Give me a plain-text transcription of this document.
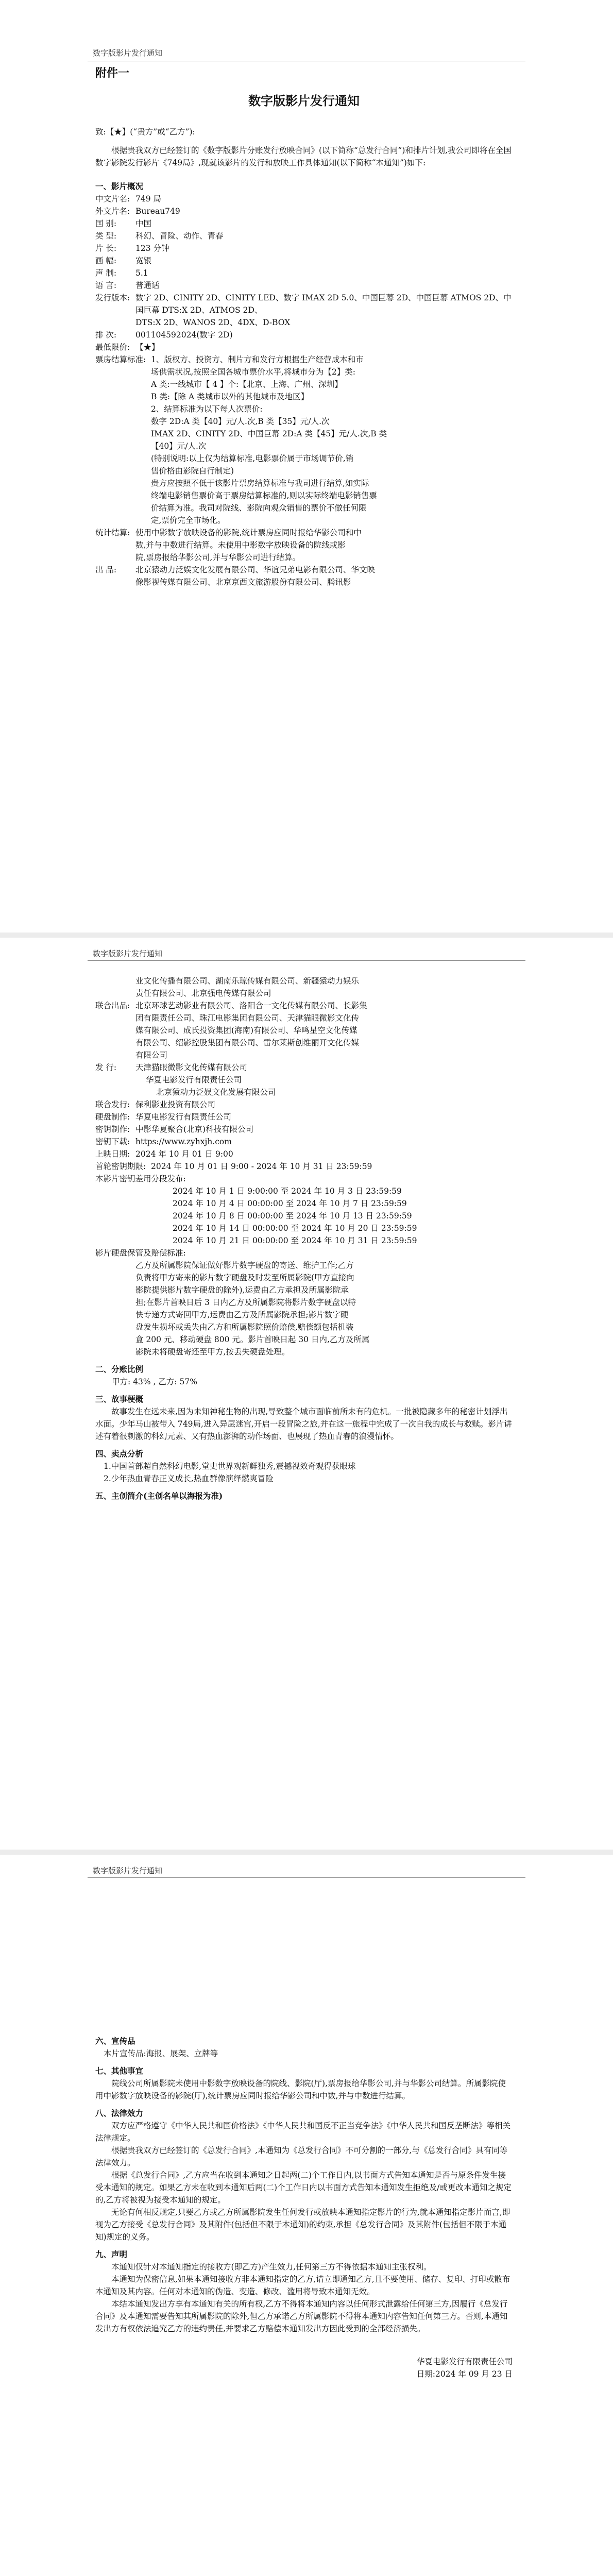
数字版影片发行通知
附件一
数字版影片发行通知

致:【★】(“贵方”或“乙方”):

根据贵我双方已经签订的《数字版影片分账发行放映合同》(以下简称“总发行合同”)和排片计划,我公司即将在全国数字影院发行影片《749局》,现就该影片的发行和放映工作具体通知(以下简称“本通知”)如下:

一、影片概况
中文片名: 749 局
外文片名: Bureau749
国 别:	中国
类 型:	科幻、冒险、动作、青春
片 长:	123 分钟
画 幅:	宽银
声 制:	5.1
语 言:	普通话
发行版本: 数字 2D、CINITY 2D、CINITY LED、数字 IMAX 2D 5.0、中国巨幕 2D、中国巨幕 ATMOS 2D、中国巨幕 DTS:X 2D、ATMOS 2D、
DTS:X 2D、WANOS 2D、4DX、D-BOX
排 次:	001104592024(数字 2D)
最低限价: 【★】
票房结算标准: 1、版权方、投资方、制片方和发行方根据生产经营成本和市
场供需状况,按照全国各城市票价水平,将城市分为【2】类:
A 类:一线城市【 4 】个:【北京、上海、广州、深圳】
B 类:【除 A 类城市以外的其他城市及地区】
2、结算标准为以下每人次票价:
数字 2D:A 类【40】元/人.次,B 类【35】元/人.次
IMAX 2D、CINITY 2D、中国巨幕 2D:A 类【45】元/人.次,B 类
【40】元/人.次
(特别说明:以上仅为结算标准,电影票价属于市场调节价,销
售价格由影院自行制定)
贵方应按照不低于该影片票房结算标准与我司进行结算,如实际
终端电影销售票价高于票房结算标准的,则以实际终端电影销售票
价结算为准。我司对院线、影院向观众销售的票价不做任何限
定,票价完全市场化。
统计结算: 使用中影数字放映设备的影院,统计票房应同时报给华影公司和中
数,并与中数进行结算。未使用中影数字放映设备的院线或影
院,票房报给华影公司,并与华影公司进行结算。
出 品:	北京猿动力泛娱文化发展有限公司、华谊兄弟电影有限公司、华文映
像影视传媒有限公司、北京京西文旅游股份有限公司、腾讯影
数字版影片发行通知
业文化传播有限公司、湖南乐琼传媒有限公司、新疆猿动力娱乐
责任有限公司、北京强电传媒有限公司
联合出品: 北京环球艺动影业有限公司、洛阳合一文化传媒有限公司、长影集
团有限责任公司、珠江电影集团有限公司、天津猫眼微影文化传
媒有限公司、成氏投资集团(海南)有限公司、华鸣星空文化传媒
有限公司、绍影控股集团有限公司、雷尔莱斯创维丽开文化传媒
有限公司
发 行:	天津猫眼微影文化传媒有限公司
华夏电影发行有限责任公司
北京猿动力泛娱文化发展有限公司
联合发行: 保利影业投资有限公司
硬盘制作: 华夏电影发行有限责任公司
密钥制作: 中影华夏聚合(北京)科技有限公司
密钥下载: https://www.zyhxjh.com
上映日期: 2024 年 10 月 01 日 9:00
首轮密钥期限: 2024 年 10 月 01 日 9:00 - 2024 年 10 月 31 日 23:59:59
本影片密钥差用分段发布:
2024 年 10 月 1 日 9:00:00 至 2024 年 10 月 3 日 23:59:59
2024 年 10 月 4 日 00:00:00 至 2024 年 10 月 7 日 23:59:59
2024 年 10 月 8 日 00:00:00 至 2024 年 10 月 13 日 23:59:59
2024 年 10 月 14 日 00:00:00 至 2024 年 10 月 20 日 23:59:59
2024 年 10 月 21 日 00:00:00 至 2024 年 10 月 31 日 23:59:59
影片硬盘保管及赔偿标准:
乙方及所属影院保证做好影片数字硬盘的寄送、维护工作;乙方
负责将甲方寄来的影片数字硬盘及时发至所属影院(甲方直接向
影院提供影片数字硬盘的除外),运费由乙方承担及所属影院承
担;在影片首映日后 3 日内乙方及所属影院将影片数字硬盘以特
快专递方式寄回甲方,运费由乙方及所属影院承担;影片数字硬
盘发生损坏或丢失由乙方和所属影院照价赔偿,赔偿额包括机装
盒 200 元、移动硬盘 800 元。影片首映日起 30 日内,乙方及所属
影院未将硬盘寄还至甲方,按丢失硬盘处理。
二、分账比例
甲方: 43% , 乙方: 57%
三、故事梗概

故事发生在远未来,因为未知神秘生物的出现,导致整个城市面临前所未有的危机。一批被隐藏多年的秘密计划浮出水面。少年马山被带入 749局,进入异层迷宫,开启一段冒险之旅,并在这一旅程中完成了一次自我的成长与救赎。影片讲述有着很刺激的科幻元素、又有热血澎湃的动作场面、也展现了热血青春的浪漫情怀。

四、卖点分析
1.中国首部超自然科幻电影,堂史世界观新鲜独秀,震撼视效奇观得获眼球
2.少年热血青春正义成长,热血群像演绎燃爽冒险
五、主创简介(主创名单以海报为准)
数字版影片发行通知
六、宣传品
本片宣传品:海报、展架、立牌等
七、其他事宜

院线公司所属影院未使用中影数字放映设备的院线、影院(厅),票房报给华影公司,并与华影公司结算。所属影院使用中影数字放映设备的影院(厅),统计票房应同时报给华影公司和中数,并与中数进行结算。

八、法律效力

双方应严格遵守《中华人民共和国价格法》《中华人民共和国反不正当竞争法》《中华人民共和国反垄断法》等相关法律规定。

根据贵我双方已经签订的《总发行合同》,本通知为《总发行合同》不可分割的一部分,与《总发行合同》具有同等法律效力。

根据《总发行合同》,乙方应当在收到本通知之日起两(二)个工作日内,以书面方式告知本通知是否与原条件发生接受本通知的规定。如果乙方未在收到本通知后两(二)个工作日内以书面方式告知本通知发生拒绝及/或更改本通知之规定的,乙方将被视为接受本通知的规定。

无论有何相反规定,只要乙方或乙方所属影院发生任何发行或放映本通知指定影片的行为,就本通知指定影片而言,即视为乙方接受《总发行合同》及其附件(包括但不限于本通知)的约束,承担《总发行合同》及其附件(包括但不限于本通知)规定的义务。

九、声明

本通知仅针对本通知指定的接收方(即乙方)产生效力,任何第三方不得依据本通知主张权利。

本通知为保密信息,如果本通知接收方非本通知指定的乙方,请立即通知乙方,且不要使用、储存、复印、打印或散布本通知及其内容。任何对本通知的伪造、变造、修改、滥用将导致本通知无效。

本结本通知发出方享有本通知有关的所有权,乙方不得将本通知内容以任何形式泄露给任何第三方,因履行《总发行合同》及本通知需要告知其所属影院的除外,但乙方承诺乙方所属影院不得将本通知内容告知任何第三方。否则,本通知发出方有权依法追究乙方的违约责任,并要求乙方赔偿本通知发出方因此受到的全部经济损失。

华夏电影发行有限责任公司
日期:2024 年 09 月 23 日
